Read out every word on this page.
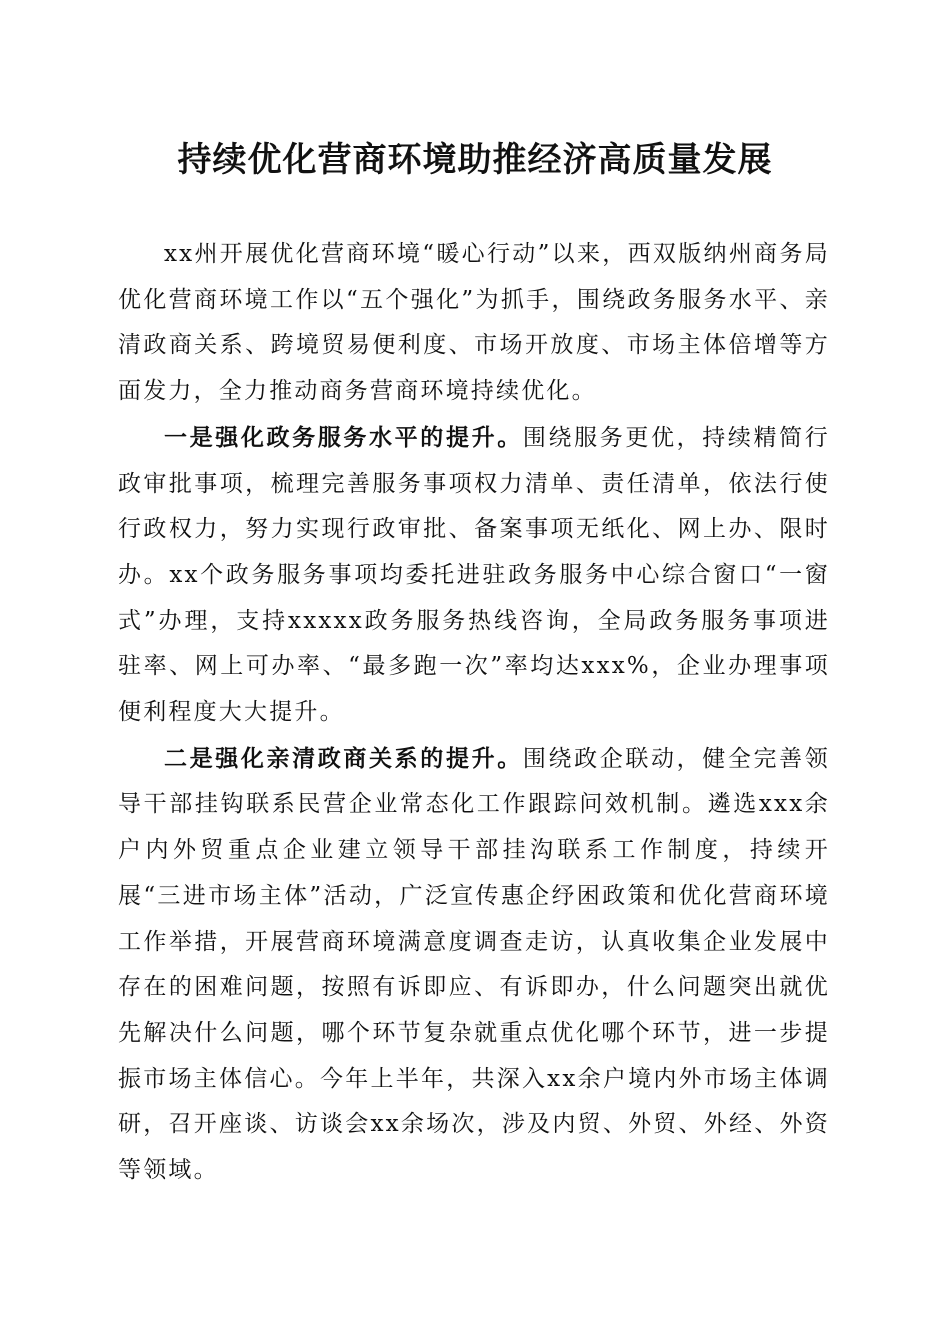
持续优化营商环境助推经济高质量发展

xx州开展优化营商环境“暖心行动”以来，西双版纳州商务局优化营商环境工作以“五个强化”为抓手，围绕政务服务水平、亲清政商关系、跨境贸易便利度、市场开放度、市场主体倍增等方面发力，全力推动商务营商环境持续优化。

一是强化政务服务水平的提升。围绕服务更优，持续精简行政审批事项，梳理完善服务事项权力清单、责任清单，依法行使行政权力，努力实现行政审批、备案事项无纸化、网上办、限时办。xx个政务服务事项均委托进驻政务服务中心综合窗口“一窗式”办理，支持xxxxx政务服务热线咨询，全局政务服务事项进驻率、网上可办率、“最多跑一次”率均达xxx%，企业办理事项便利程度大大提升。

二是强化亲清政商关系的提升。围绕政企联动，健全完善领导干部挂钩联系民营企业常态化工作跟踪问效机制。遴选xxx余户内外贸重点企业建立领导干部挂沟联系工作制度，持续开展“三进市场主体”活动，广泛宣传惠企纾困政策和优化营商环境工作举措，开展营商环境满意度调查走访，认真收集企业发展中存在的困难问题，按照有诉即应、有诉即办，什么问题突出就优先解决什么问题，哪个环节复杂就重点优化哪个环节，进一步提振市场主体信心。今年上半年，共深入xx余户境内外市场主体调研，召开座谈、访谈会xx余场次，涉及内贸、外贸、外经、外资等领域。
